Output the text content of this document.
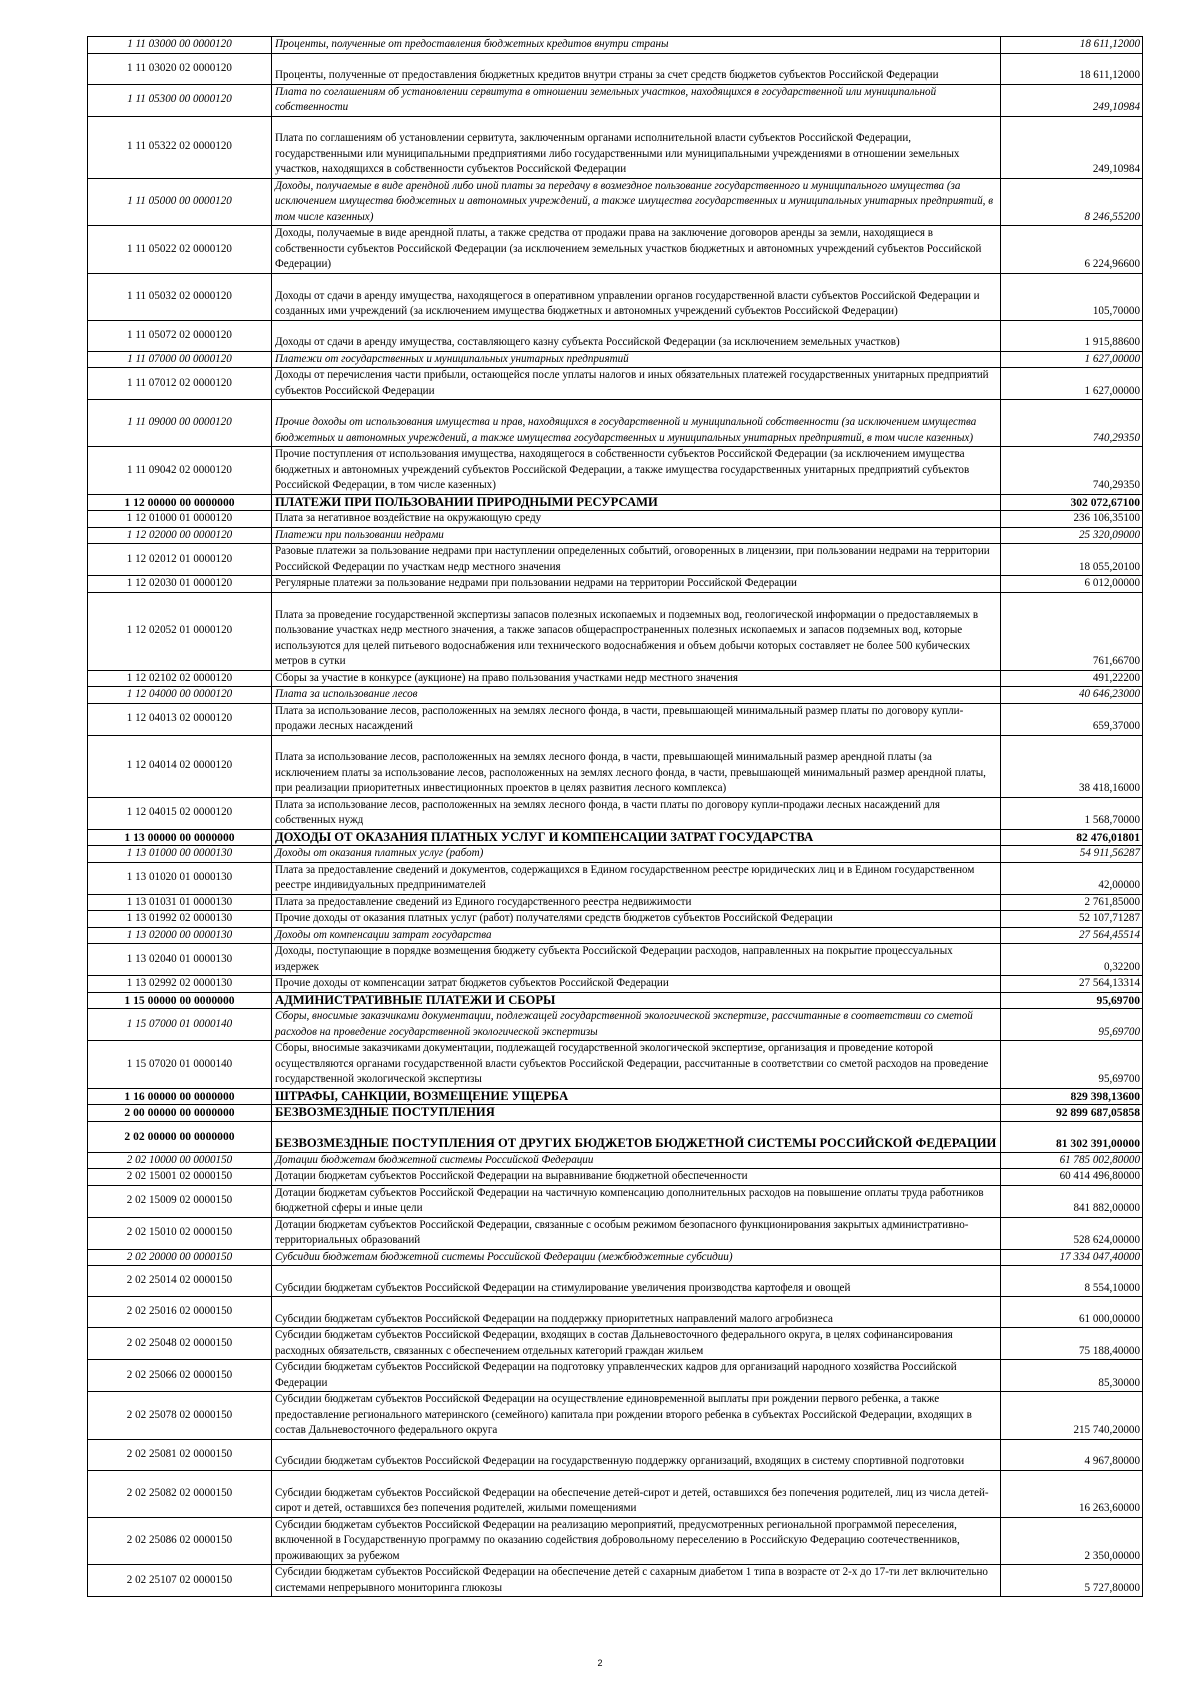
1 11 03000 00 0000120	Проценты, полученные от предоставления бюджетных кредитов внутри страны	18 611,12000
1 11 03020 02 0000120	Проценты, полученные от предоставления бюджетных кредитов внутри страны за счет средств бюджетов субъектов Российской Федерации	18 611,12000
1 11 05300 00 0000120	Плата по соглашениям об установлении сервитута в отношении земельных участков, находящихся в государственной или муниципальной собственности	249,10984
1 11 05322 02 0000120	Плата по соглашениям об установлении сервитута, заключенным органами исполнительной власти субъектов Российской Федерации, государственными или муниципальными предприятиями либо государственными или муниципальными учреждениями в отношении земельных участков, находящихся в собственности субъектов Российской Федерации	249,10984
1 11 05000 00 0000120	Доходы, получаемые в виде арендной либо иной платы за передачу в возмездное пользование государственного и муниципального имущества (за исключением имущества бюджетных и автономных учреждений, а также имущества государственных и муниципальных унитарных предприятий, в том числе казенных)	8 246,55200
1 11 05022 02 0000120	Доходы, получаемые в виде арендной платы, а также средства от продажи права на заключение договоров аренды за земли, находящиеся в собственности субъектов Российской Федерации (за исключением земельных участков бюджетных и автономных учреждений субъектов Российской Федерации)	6 224,96600
1 11 05032 02 0000120	Доходы от сдачи в аренду имущества, находящегося в оперативном управлении органов государственной власти субъектов Российской Федерации и созданных ими учреждений (за исключением имущества бюджетных и автономных учреждений субъектов Российской Федерации)	105,70000
1 11 05072 02 0000120	Доходы от сдачи в аренду имущества, составляющего казну субъекта Российской Федерации (за исключением земельных участков)	1 915,88600
1 11 07000 00 0000120	Платежи от государственных и муниципальных унитарных предприятий	1 627,00000
1 11 07012 02 0000120	Доходы от перечисления части прибыли, остающейся после уплаты налогов и иных обязательных платежей государственных унитарных предприятий субъектов Российской Федерации	1 627,00000
1 11 09000 00 0000120	Прочие доходы от использования имущества и прав, находящихся в государственной и муниципальной собственности (за исключением имущества бюджетных и автономных учреждений, а также имущества государственных и муниципальных унитарных предприятий, в том числе казенных)	740,29350
1 11 09042 02 0000120	Прочие поступления от использования имущества, находящегося в собственности субъектов Российской Федерации (за исключением имущества бюджетных и автономных учреждений субъектов Российской Федерации, а также имущества государственных унитарных предприятий субъектов Российской Федерации, в том числе казенных)	740,29350
1 12 00000 00 0000000	ПЛАТЕЖИ ПРИ ПОЛЬЗОВАНИИ ПРИРОДНЫМИ РЕСУРСАМИ	302 072,67100
1 12 01000 01 0000120	Плата за негативное воздействие на окружающую среду	236 106,35100
1 12 02000 00 0000120	Платежи при пользовании недрами	25 320,09000
1 12 02012 01 0000120	Разовые платежи за пользование недрами при наступлении определенных событий, оговоренных в лицензии, при пользовании недрами на территории Российской Федерации по участкам недр местного значения	18 055,20100
1 12 02030 01 0000120	Регулярные платежи за пользование недрами при пользовании недрами на территории Российской Федерации	6 012,00000
1 12 02052 01 0000120	Плата за проведение государственной экспертизы запасов полезных ископаемых и подземных вод, геологической информации о предоставляемых в пользование участках недр местного значения, а также запасов общераспространенных полезных ископаемых и запасов подземных вод, которые используются для целей питьевого водоснабжения или технического водоснабжения и объем добычи которых составляет не более 500 кубических метров в сутки	761,66700
1 12 02102 02 0000120	Сборы за участие в конкурсе (аукционе) на право пользования участками недр местного значения	491,22200
1 12 04000 00 0000120	Плата за использование лесов	40 646,23000
1 12 04013 02 0000120	Плата за использование лесов, расположенных на землях лесного фонда, в части, превышающей минимальный размер платы по договору купли-продажи лесных насаждений	659,37000
1 12 04014 02 0000120	Плата за использование лесов, расположенных на землях лесного фонда, в части, превышающей минимальный размер арендной платы (за исключением платы за использование лесов, расположенных на землях лесного фонда, в части, превышающей минимальный размер арендной платы, при реализации приоритетных инвестиционных проектов в целях развития лесного комплекса)	38 418,16000
1 12 04015 02 0000120	Плата за использование лесов, расположенных на землях лесного фонда, в части платы по договору купли-продажи лесных насаждений для собственных нужд	1 568,70000
1 13 00000 00 0000000	ДОХОДЫ ОТ ОКАЗАНИЯ ПЛАТНЫХ УСЛУГ И КОМПЕНСАЦИИ ЗАТРАТ ГОСУДАРСТВА	82 476,01801
1 13 01000 00 0000130	Доходы от оказания платных услуг (работ)	54 911,56287
1 13 01020 01 0000130	Плата за предоставление сведений и документов, содержащихся в Едином государственном реестре юридических лиц и в Едином государственном реестре индивидуальных предпринимателей	42,00000
1 13 01031 01 0000130	Плата за предоставление сведений из Единого государственного реестра недвижимости	2 761,85000
1 13 01992 02 0000130	Прочие доходы от оказания платных услуг (работ) получателями средств бюджетов субъектов Российской Федерации	52 107,71287
1 13 02000 00 0000130	Доходы от компенсации затрат государства	27 564,45514
1 13 02040 01 0000130	Доходы, поступающие в порядке возмещения бюджету субъекта Российской Федерации расходов, направленных на покрытие процессуальных издержек	0,32200
1 13 02992 02 0000130	Прочие доходы от компенсации затрат бюджетов субъектов Российской Федерации	27 564,13314
1 15 00000 00 0000000	АДМИНИСТРАТИВНЫЕ ПЛАТЕЖИ И СБОРЫ	95,69700
1 15 07000 01 0000140	Сборы, вносимые заказчиками документации, подлежащей государственной экологической экспертизе, рассчитанные в соответствии со сметой расходов на проведение государственной экологической экспертизы	95,69700
1 15 07020 01 0000140	Сборы, вносимые заказчиками документации, подлежащей государственной экологической экспертизе, организация и проведение которой осуществляются органами государственной власти субъектов Российской Федерации, рассчитанные в соответствии со сметой расходов на проведение государственной экологической экспертизы	95,69700
1 16 00000 00 0000000	ШТРАФЫ, САНКЦИИ, ВОЗМЕЩЕНИЕ УЩЕРБА	829 398,13600
2 00 00000 00 0000000	БЕЗВОЗМЕЗДНЫЕ ПОСТУПЛЕНИЯ	92 899 687,05858
2 02 00000 00 0000000	БЕЗВОЗМЕЗДНЫЕ ПОСТУПЛЕНИЯ ОТ ДРУГИХ БЮДЖЕТОВ БЮДЖЕТНОЙ СИСТЕМЫ РОССИЙСКОЙ ФЕДЕРАЦИИ	81 302 391,00000
2 02 10000 00 0000150	Дотации бюджетам бюджетной системы Российской Федерации	61 785 002,80000
2 02 15001 02 0000150	Дотации бюджетам субъектов Российской Федерации на выравнивание бюджетной обеспеченности	60 414 496,80000
2 02 15009 02 0000150	Дотации бюджетам субъектов Российской Федерации на частичную компенсацию дополнительных расходов на повышение оплаты труда работников бюджетной сферы и иные цели	841 882,00000
2 02 15010 02 0000150	Дотации бюджетам субъектов Российской Федерации, связанные с особым режимом безопасного функционирования закрытых административно-территориальных образований	528 624,00000
2 02 20000 00 0000150	Субсидии бюджетам бюджетной системы Российской Федерации (межбюджетные субсидии)	17 334 047,40000
2 02 25014 02 0000150	Субсидии бюджетам субъектов Российской Федерации на стимулирование увеличения производства картофеля и овощей	8 554,10000
2 02 25016 02 0000150	Субсидии бюджетам субъектов Российской Федерации на поддержку приоритетных направлений малого агробизнеса	61 000,00000
2 02 25048 02 0000150	Субсидии бюджетам субъектов Российской Федерации, входящих в состав Дальневосточного федерального округа, в целях софинансирования расходных обязательств, связанных с обеспечением отдельных категорий граждан жильем	75 188,40000
2 02 25066 02 0000150	Субсидии бюджетам субъектов Российской Федерации на подготовку управленческих кадров для организаций народного хозяйства Российской Федерации	85,30000
2 02 25078 02 0000150	Субсидии бюджетам субъектов Российской Федерации на осуществление единовременной выплаты при рождении первого ребенка, а также предоставление регионального материнского (семейного) капитала при рождении второго ребенка в субъектах Российской Федерации, входящих в состав Дальневосточного федерального округа	215 740,20000
2 02 25081 02 0000150	Субсидии бюджетам субъектов Российской Федерации на государственную поддержку организаций, входящих в систему спортивной подготовки	4 967,80000
2 02 25082 02 0000150	Субсидии бюджетам субъектов Российской Федерации на обеспечение детей-сирот и детей, оставшихся без попечения родителей, лиц из числа детей-сирот и детей, оставшихся без попечения родителей, жилыми помещениями	16 263,60000
2 02 25086 02 0000150	Субсидии бюджетам субъектов Российской Федерации на реализацию мероприятий, предусмотренных региональной программой переселения, включенной в Государственную программу по оказанию содействия добровольному переселению в Российскую Федерацию соотечественников, проживающих за рубежом	2 350,00000
2 02 25107 02 0000150	Субсидии бюджетам субъектов Российской Федерации на обеспечение детей с сахарным диабетом 1 типа в возрасте от 2-х до 17-ти лет включительно системами непрерывного мониторинга глюкозы	5 727,80000
2
